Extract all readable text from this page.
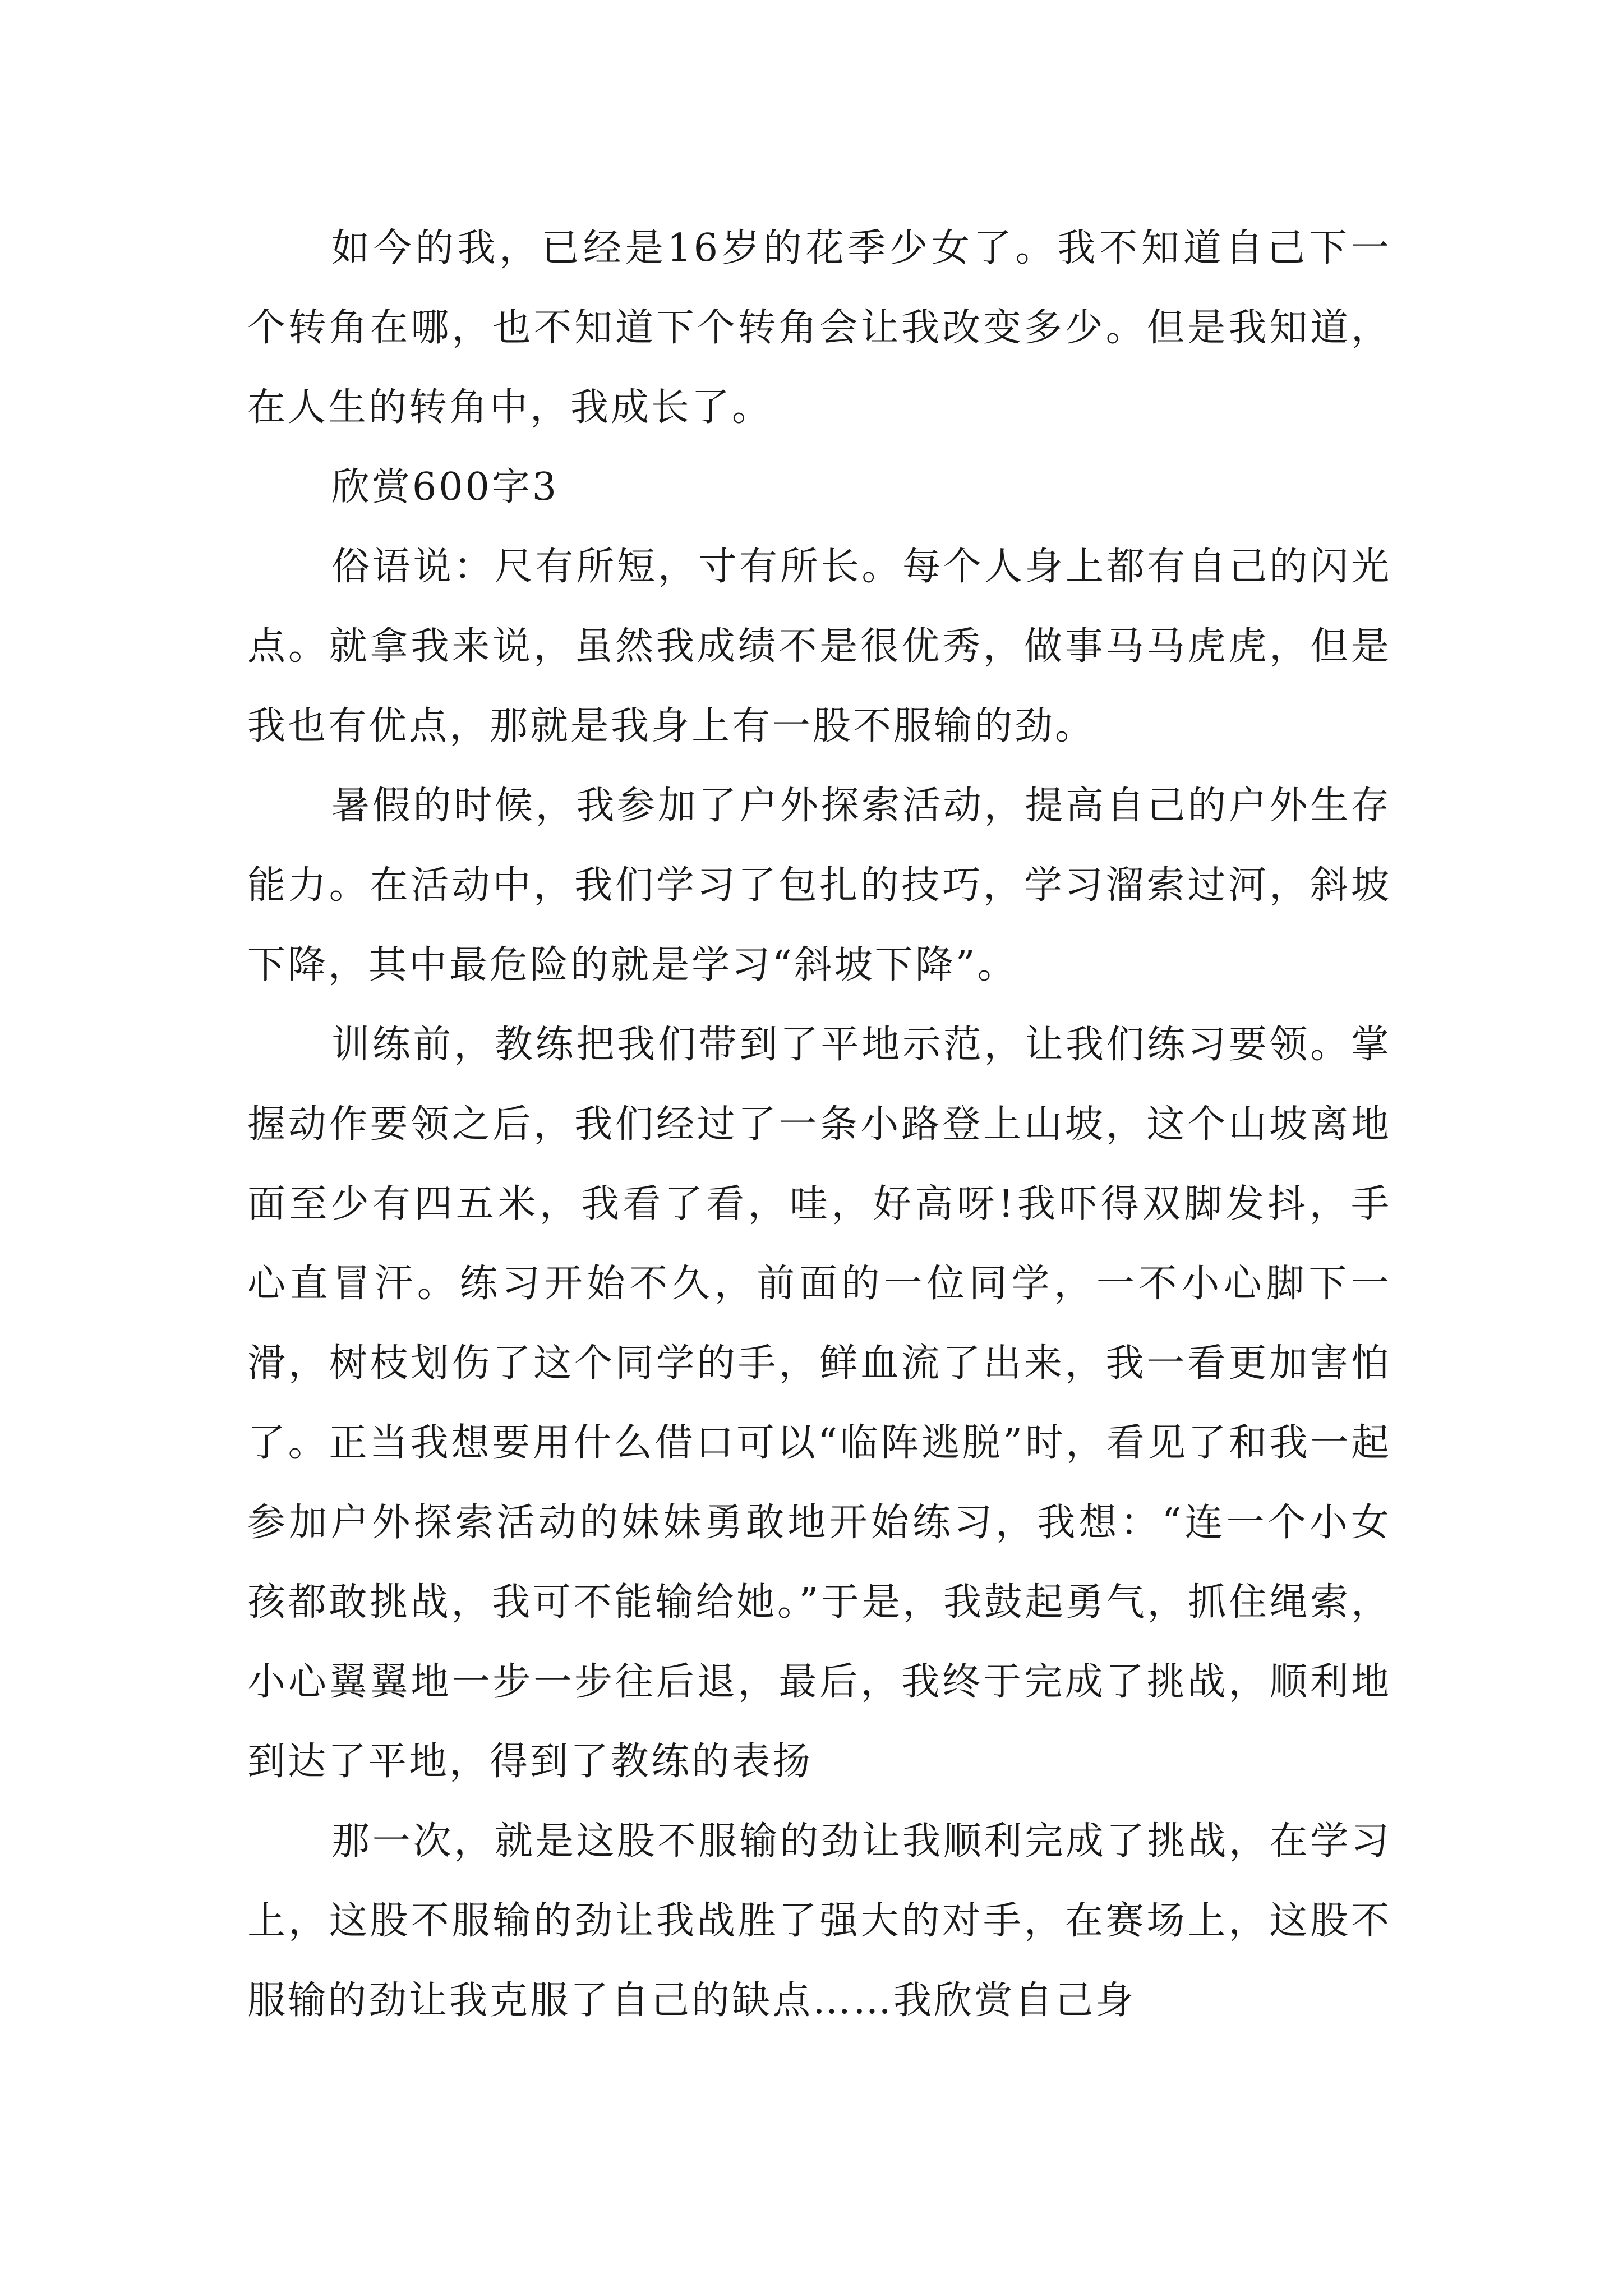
如今的我，已经是16岁的花季少女了。我不知道自己下一个转角在哪，也不知道下个转角会让我改变多少。但是我知道，在人生的转角中，我成长了。

欣赏600字3

俗语说：尺有所短，寸有所长。每个人身上都有自己的闪光点。就拿我来说，虽然我成绩不是很优秀，做事马马虎虎，但是我也有优点，那就是我身上有一股不服输的劲。

暑假的时候，我参加了户外探索活动，提高自己的户外生存能力。在活动中，我们学习了包扎的技巧，学习溜索过河，斜坡下降，其中最危险的就是学习“斜坡下降”。

训练前，教练把我们带到了平地示范，让我们练习要领。掌握动作要领之后，我们经过了一条小路登上山坡，这个山坡离地面至少有四五米，我看了看，哇，好高呀!我吓得双脚发抖，手心直冒汗。练习开始不久，前面的一位同学，一不小心脚下一滑，树枝划伤了这个同学的手，鲜血流了出来，我一看更加害怕了。正当我想要用什么借口可以“临阵逃脱”时，看见了和我一起参加户外探索活动的妹妹勇敢地开始练习，我想：“连一个小女孩都敢挑战，我可不能输给她。”于是，我鼓起勇气，抓住绳索，小心翼翼地一步一步往后退，最后，我终于完成了挑战，顺利地到达了平地，得到了教练的表扬

那一次，就是这股不服输的劲让我顺利完成了挑战，在学习上，这股不服输的劲让我战胜了强大的对手，在赛场上，这股不服输的劲让我克服了自己的缺点……我欣赏自己身
